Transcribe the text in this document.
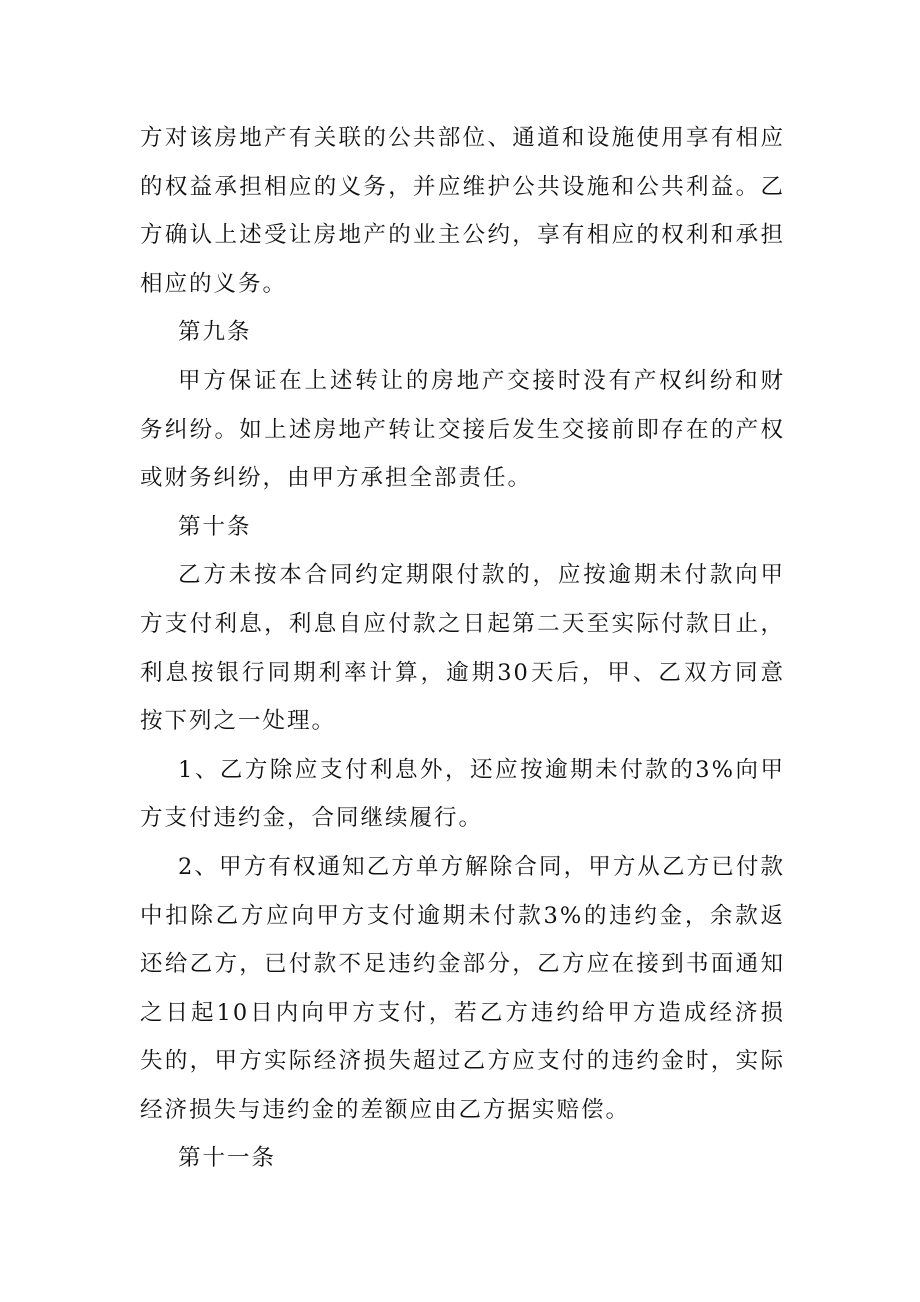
方对该房地产有关联的公共部位、通道和设施使用享有相应的权益承担相应的义务，并应维护公共设施和公共利益。乙方确认上述受让房地产的业主公约，享有相应的权利和承担相应的义务。

第九条

甲方保证在上述转让的房地产交接时没有产权纠纷和财务纠纷。如上述房地产转让交接后发生交接前即存在的产权或财务纠纷，由甲方承担全部责任。

第十条

乙方未按本合同约定期限付款的，应按逾期未付款向甲方支付利息，利息自应付款之日起第二天至实际付款日止，利息按银行同期利率计算，逾期30天后，甲、乙双方同意按下列之一处理。

1、乙方除应支付利息外，还应按逾期未付款的3%向甲方支付违约金，合同继续履行。

2、甲方有权通知乙方单方解除合同，甲方从乙方已付款中扣除乙方应向甲方支付逾期未付款3%的违约金，余款返还给乙方，已付款不足违约金部分，乙方应在接到书面通知之日起10日内向甲方支付，若乙方违约给甲方造成经济损失的，甲方实际经济损失超过乙方应支付的违约金时，实际经济损失与违约金的差额应由乙方据实赔偿。

第十一条
